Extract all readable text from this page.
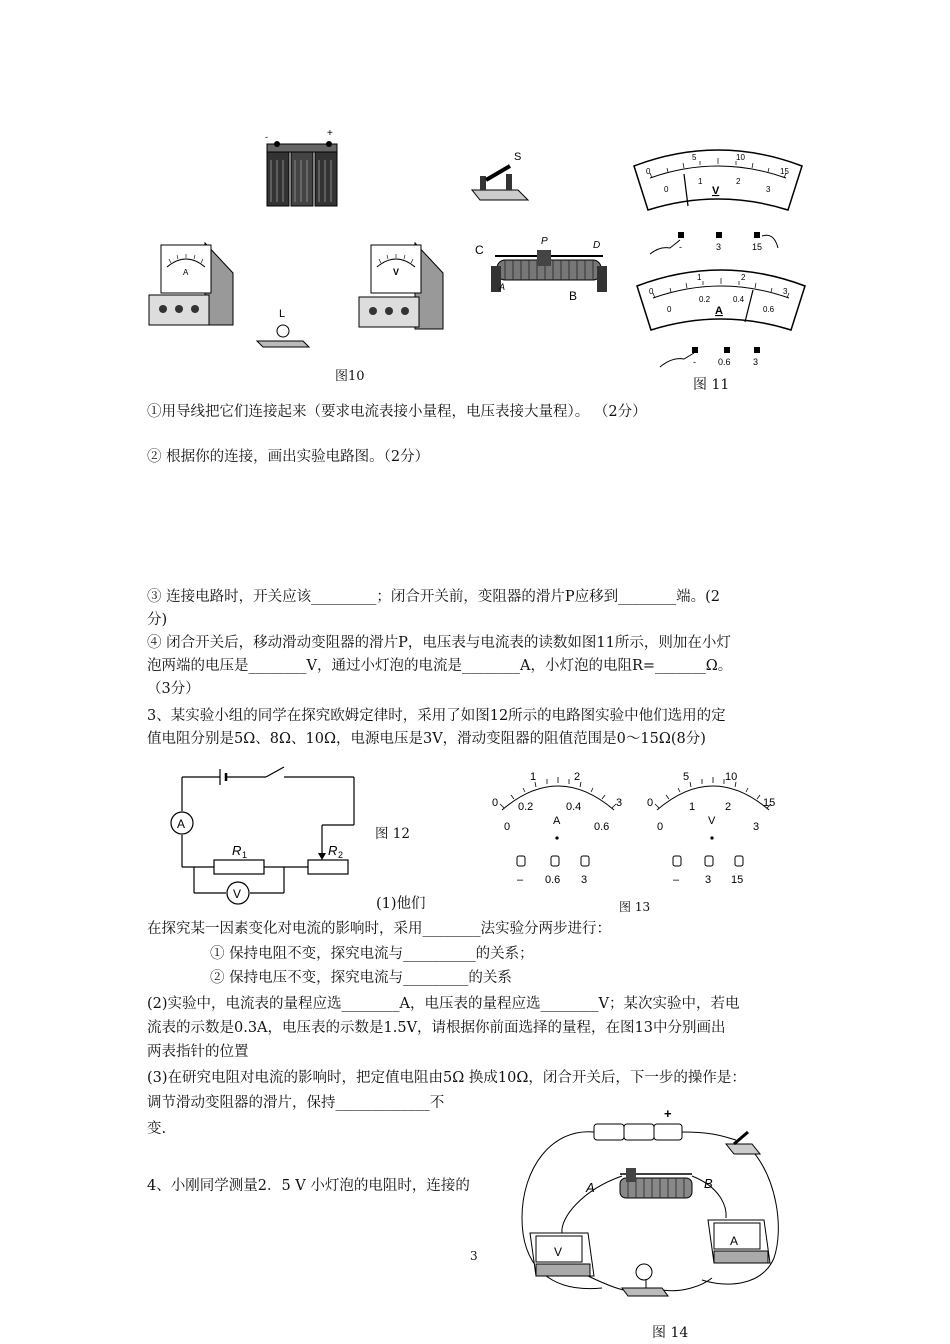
-	+
S
A
L
V
C
P	D
A
B
图10
0
5	10
15
0
1	2
3
V
-	3	15
0
1	2
3
0
0.2	0.4
0.6
A
- 0.6 3
图 11
①用导线把它们连接起来（要求电流表接小量程，电压表接大量程）。 （2分）
② 根据你的连接，画出实验电路图。（2分）
③ 连接电路时，开关应该_________；闭合开关前，变阻器的滑片P应移到________端。(2
分)
④ 闭合开关后，移动滑动变阻器的滑片P，电压表与电流表的读数如图11所示，则加在小灯
泡两端的电压是________V，通过小灯泡的电流是________A，小灯泡的电阻R=_______Ω。
（3分）
3、某实验小组的同学在探究欧姆定律时，采用了如图12所示的电路图实验中他们选用的定
值电阻分别是5Ω、8Ω、10Ω，电源电压是3V，滑动变阻器的阻值范围是0～15Ω(8分)
A
V
R 1	R 2
图 12
0
1	2
3
0
0.2	0.4
0.6
A
– 0.6 3
0
5	10
15
0
1	2
3
V
– 3 15
图 13
(1)他们
在探究某一因素变化对电流的影响时，采用________法实验分两步进行：
① 保持电阻不变，探究电流与__________的关系；
② 保持电压不变，探究电流与_________的关系
(2)实验中，电流表的量程应选________A，电压表的量程应选________V；某次实验中，若电
流表的示数是0.3A，电压表的示数是1.5V，请根据你前面选择的量程，在图13中分别画出
两表指针的位置
(3)在研究电阻对电流的影响时，把定值电阻由5Ω 换成10Ω，闭合开关后，下一步的操作是：
调节滑动变阻器的滑片，保持_____________不
变.
4、小刚同学测量2．5 V 小灯泡的电阻时，连接的
3
+
A	B
V
A
图 14
